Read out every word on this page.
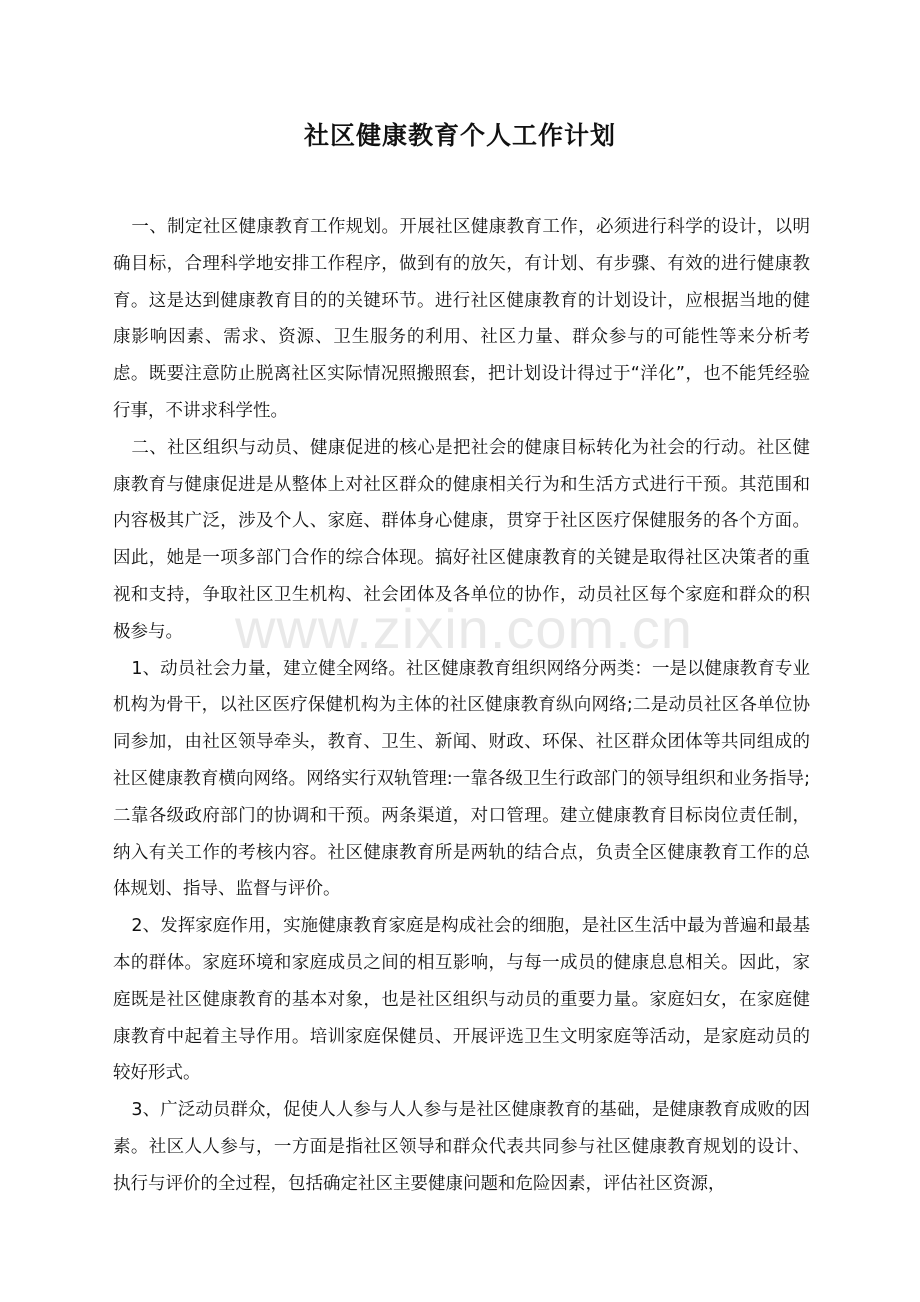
社区健康教育个人工作计划

一、制定社区健康教育工作规划。开展社区健康教育工作，必须进行科学的设计，以明确目标，合理科学地安排工作程序，做到有的放矢，有计划、有步骤、有效的进行健康教育。这是达到健康教育目的的关键环节。进行社区健康教育的计划设计，应根据当地的健康影响因素、需求、资源、卫生服务的利用、社区力量、群众参与的可能性等来分析考虑。既要注意防止脱离社区实际情况照搬照套，把计划设计得过于“洋化”，也不能凭经验行事，不讲求科学性。

二、社区组织与动员、健康促进的核心是把社会的健康目标转化为社会的行动。社区健康教育与健康促进是从整体上对社区群众的健康相关行为和生活方式进行干预。其范围和内容极其广泛，涉及个人、家庭、群体身心健康，贯穿于社区医疗保健服务的各个方面。因此，她是一项多部门合作的综合体现。搞好社区健康教育的关键是取得社区决策者的重视和支持，争取社区卫生机构、社会团体及各单位的协作，动员社区每个家庭和群众的积极参与。

1、动员社会力量，建立健全网络。社区健康教育组织网络分两类：一是以健康教育专业机构为骨干，以社区医疗保健机构为主体的社区健康教育纵向网络;二是动员社区各单位协同参加，由社区领导牵头，教育、卫生、新闻、财政、环保、社区群众团体等共同组成的社区健康教育横向网络。网络实行双轨管理:一靠各级卫生行政部门的领导组织和业务指导;二靠各级政府部门的协调和干预。两条渠道，对口管理。建立健康教育目标岗位责任制，纳入有关工作的考核内容。社区健康教育所是两轨的结合点，负责全区健康教育工作的总体规划、指导、监督与评价。

2、发挥家庭作用，实施健康教育家庭是构成社会的细胞，是社区生活中最为普遍和最基本的群体。家庭环境和家庭成员之间的相互影响，与每一成员的健康息息相关。因此，家庭既是社区健康教育的基本对象，也是社区组织与动员的重要力量。家庭妇女，在家庭健康教育中起着主导作用。培训家庭保健员、开展评选卫生文明家庭等活动，是家庭动员的较好形式。

3、广泛动员群众，促使人人参与人人参与是社区健康教育的基础，是健康教育成败的因素。社区人人参与，一方面是指社区领导和群众代表共同参与社区健康教育规划的设计、执行与评价的全过程，包括确定社区主要健康问题和危险因素，评估社区资源，

www.zixin.com.cn
